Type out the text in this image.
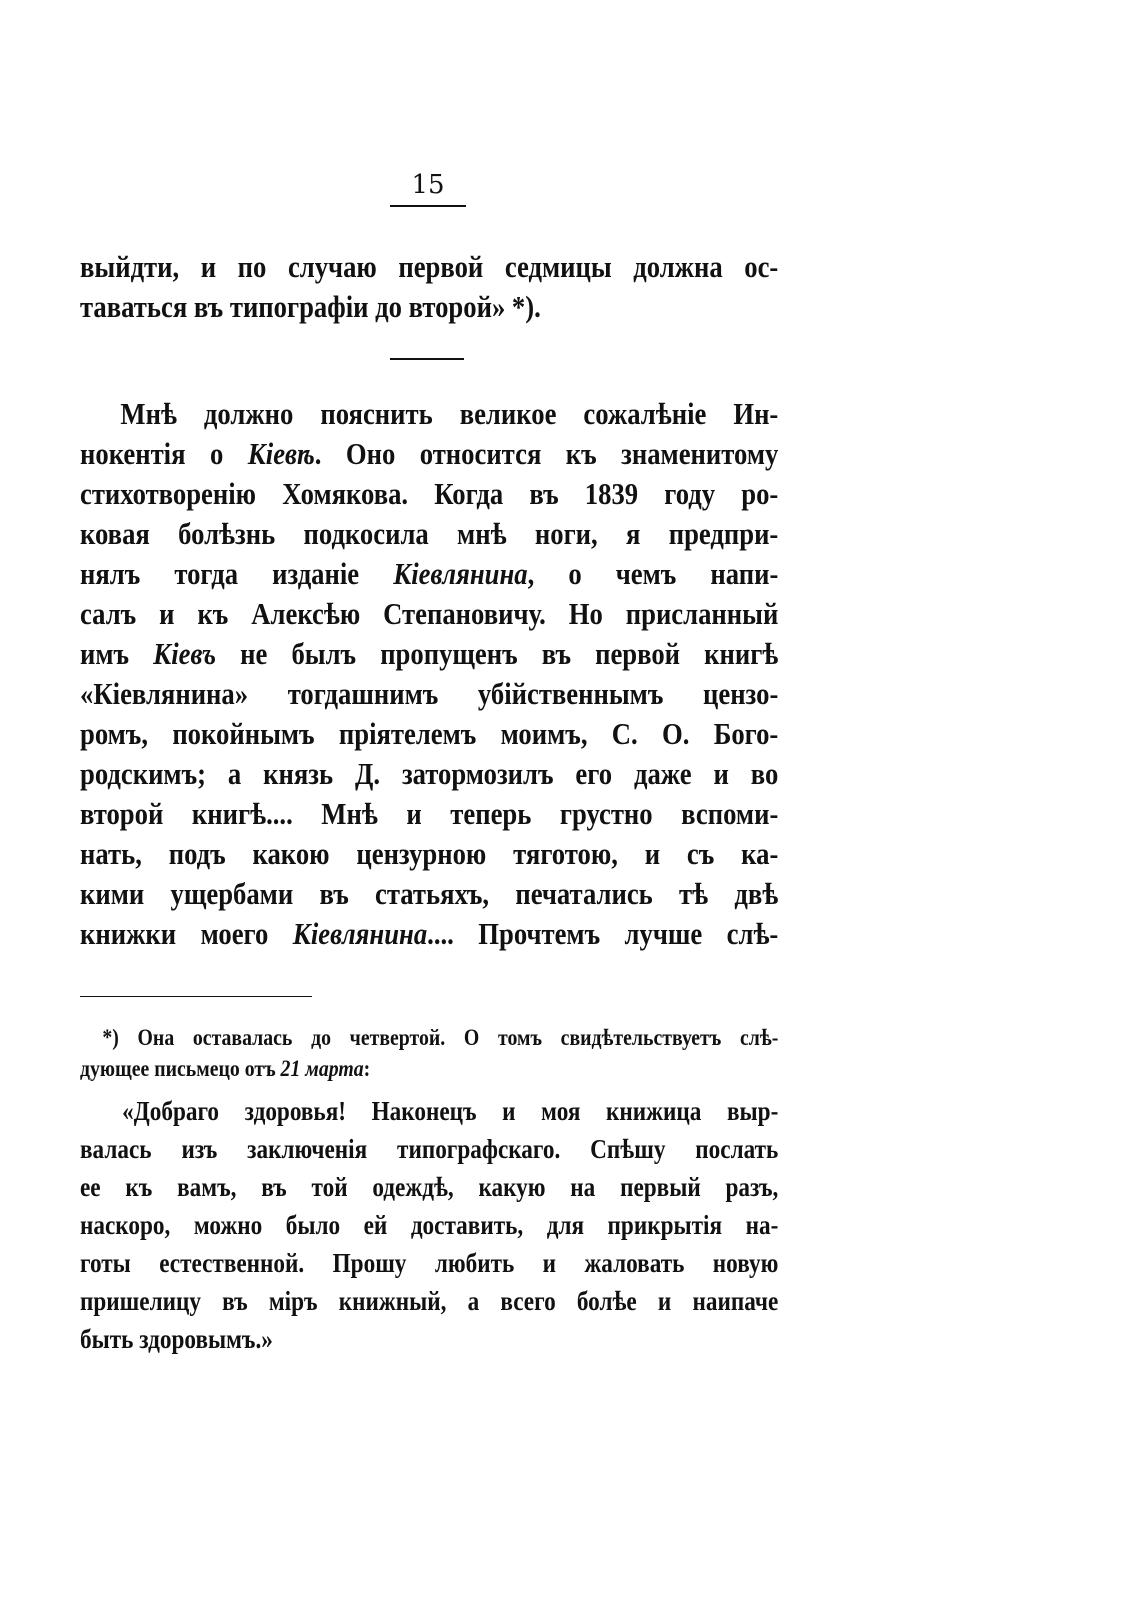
15
выйдти, и по случаю первой седмицы должна ос-
таваться въ типографіи до второй» *).
Мнѣ должно пояснить великое сожалѣніе Ин-
нокентія о Кіевѣ. Оно относится къ знаменитому
стихотворенію Хомякова. Когда въ 1839 году ро-
ковая болѣзнь подкосила мнѣ ноги, я предпри-
нялъ тогда изданіе Кіевлянина, о чемъ напи-
салъ и къ Алексѣю Степановичу. Но присланный
имъ Кіевъ не былъ пропущенъ въ первой книгѣ
«Кіевлянина» тогдашнимъ убійственнымъ цензо-
ромъ, покойнымъ пріятелемъ моимъ, С. О. Бого-
родскимъ; а князь Д. затормозилъ его даже и во
второй книгѣ.... Мнѣ и теперь грустно вспоми-
нать, подъ какою цензурною тяготою, и съ ка-
кими ущербами въ статьяхъ, печатались тѣ двѣ
книжки моего Кіевлянина.... Прочтемъ лучше слѣ-
*) Она оставалась до четвертой. О томъ свидѣтельствуетъ слѣ-
дующее письмецо отъ 21 марта:
«Добраго здоровья! Наконецъ и моя книжица выр-
валась изъ заключенія типографскаго. Спѣшу послать
ее къ вамъ, въ той одеждѣ, какую на первый разъ,
наскоро, можно было ей доставить, для прикрытія на-
готы естественной. Прошу любить и жаловать новую
пришелицу въ міръ книжный, а всего болѣе и наипаче
быть здоровымъ.»
